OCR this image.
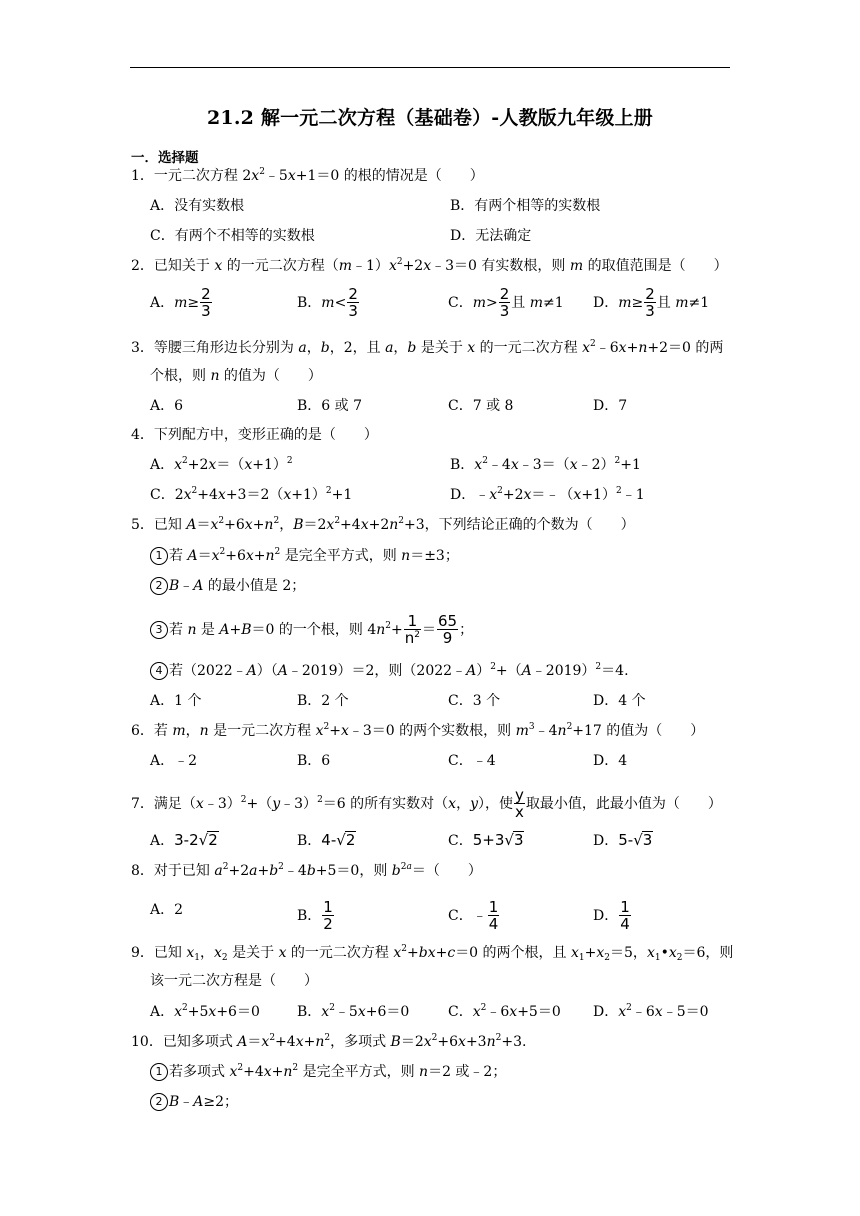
21.2 解一元二次方程（基础卷）-人教版九年级上册
一．选择题
1．一元二次方程 $2x^2﹣5x+1=0$ 的根的情况是（　　）
A．没有实数根	B．有两个相等的实数根
C．有两个不相等的实数根	D．无法确定
2．已知关于 x 的一元二次方程$(m﹣1)x^2+2x﹣3=0$ 有实数根，则 m 的取值范围是（　　）
A．$m\ge \frac{2}{3}$	B．$m< \frac{2}{3}$	C．$m> \frac{2}{3}$ 且 m≠1 D．$m\ge \frac{2}{3}$ 且 m≠1
3．等腰三角形边长分别为 a，b，2，且 a，b 是关于 x 的一元二次方程 $x^2﹣6x+n+2=0$ 的两
个根，则 n 的值为（　　）
A．6	B．6 或 7	C．7 或 8	D．7
4．下列配方中，变形正确的是（　　）
A．$x^2+2x=(x+1)^2$	B．$x^2﹣4x﹣3=(x﹣2)^2+1$
C．$2x^2+4x+3=2(x+1)^2+1$	D．$﹣x^2+2x=﹣(x+1)^2﹣1$
5．已知 $A=x^2+6x+n^2$，$B=2x^2+4x+2n^2+3$，下列结论正确的个数为（　　）
1 若 $A=x^2+6x+n^2$ 是完全平方式，则 n＝±3；
2 B﹣A 的最小值是 2；
3 若 n 是 A+B＝0 的一个根，则 $4n^2+ \frac{1}{n^2} = \frac{65}{9}$ ；
4 若（2022﹣A）（A﹣2019）＝2，则（2022﹣A）$^2$+（A﹣2019）$^2$＝4.
A．1 个	B．2 个	C．3 个	D．4 个
6．若 m，n 是一元二次方程 $x^2+x﹣3=0$ 的两个实数根，则 $m^3﹣4n^2+17$ 的值为（　　）
A．﹣2	B．6	C．﹣4	D．4
7．满足（x﹣3）$^2$+（y﹣3）$^2$＝6 的所有实数对（x，y），使 $\frac{y}{x}$ 取最小值，此最小值为（　　）
A．3-2√2	B．4-√2	C．5+3√3	D．5-√3
8．对于已知 $a^2+2a+b^2﹣4b+5=0$，则 $b^{2a}=$（　　）
A．2	B． $\frac{1}{2}$	C．﹣ $\frac{1}{4}$	D． $\frac{1}{4}$
9．已知 $x_1$，$x_2$ 是关于 x 的一元二次方程 $x^2+bx+c=0$ 的两个根，且 $x_1+x_2=5$，$x_1•x_2=6$，则
该一元二次方程是（　　）
A．$x^2+5x+6=0$	B．$x^2﹣5x+6=0$	C．$x^2﹣6x+5=0$ D．$x^2﹣6x﹣5=0$
10．已知多项式 $A=x^2+4x+n^2$，多项式 $B=2x^2+6x+3n^2+3$.
1 若多项式 $x^2+4x+n^2$ 是完全平方式，则 n＝2 或﹣2；
2 B﹣A≥2；
